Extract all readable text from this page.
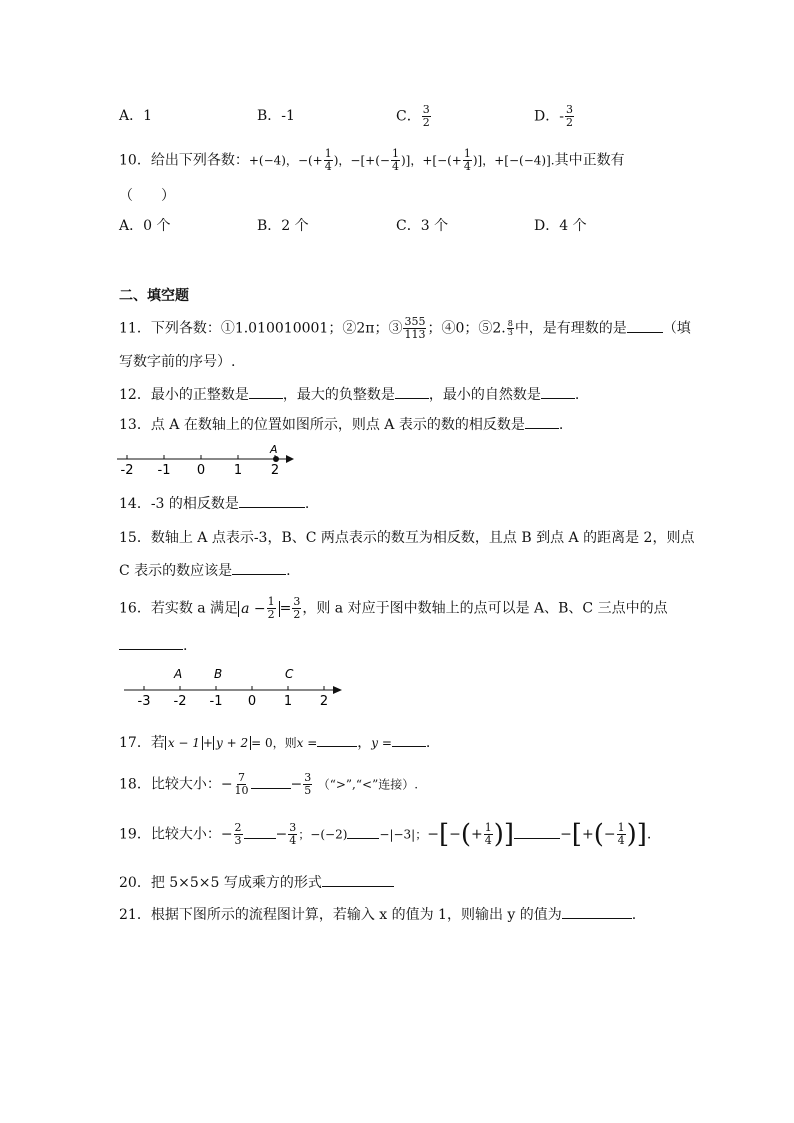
A．1	B．-1	C． $\frac{3}{2}$	D．- $\frac{3}{2}$
10．给出下列各数：+(−4)，−(+ $\frac{1}{4}$ )，−[+(− $\frac{1}{4}$ )]，+[−(+ $\frac{1}{4}$ )]，+[−(−4)].其中正数有
（　　）
A．0 个	B．2 个	C．3 个	D．4 个
二、填空题
11．下列各数：①1.010010001；②2π；③ $\frac{355}{113}$ ；④0；⑤2. $\frac{8}{3}$ 中，是有理数的是	（填
写数字前的序号）.
12．最小的正整数是 ，最大的负整数是 ，最小的自然数是 .
13．点 A 在数轴上的位置如图所示，则点 A 表示的数的相反数是 .
-2 -1 0 1 2
A
14．-3 的相反数是	.
15．数轴上 A 点表示-3，B、C 两点表示的数互为相反数，且点 B 到点 A 的距离是 2，则点
C 表示的数应该是	.
16．若实数 a 满足 $a - \frac{1}{2} = \frac{3}{2}$ ，则 a 对应于图中数轴上的点可以是 A、B、C 三点中的点
.
-3 -2 -1 0 1 2
A	B	C
17．若 x − 1 + y + 2 = 0，则x =	，y = .
18．比较大小：− $\frac{7}{10}$	− $\frac{3}{5}$ （“>”,“<”连接）.
19．比较大小：− $\frac{2}{3} - \frac{3}{4}$ ；−(−2)	−|−3|；−[−(+ $\frac{1}{4}$ )]	−[+(− $\frac{1}{4}$ )].
20．把 5×5×5 写成乘方的形式
21．根据下图所示的流程图计算，若输入 x 的值为 1，则输出 y 的值为	.
